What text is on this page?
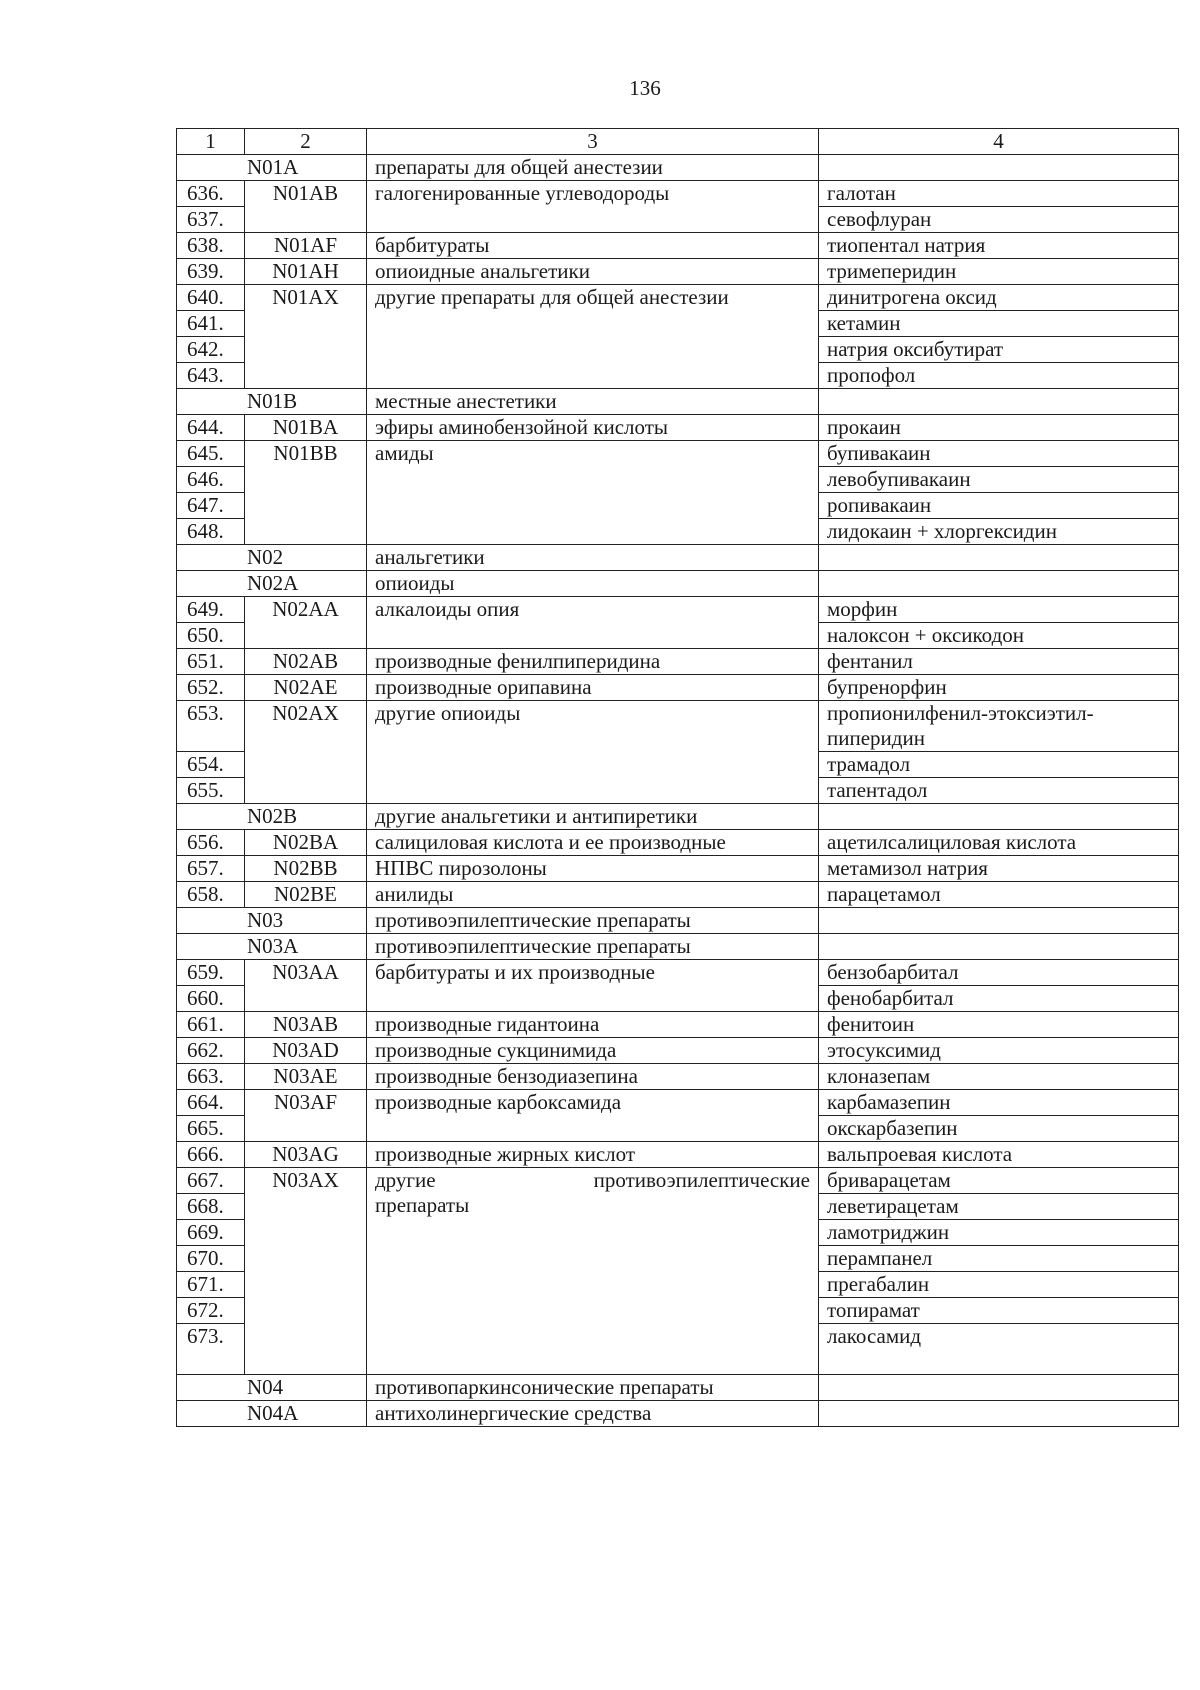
136
1	2	3	4
N01A		препараты для общей анестезии	
636.	N01AB	галогенированные углеводороды	галотан
637.			севофлуран
638.	N01AF	барбитураты	тиопентал натрия
639.	N01AH	опиоидные анальгетики	тримеперидин
640.	N01AX	другие препараты для общей анестезии	динитрогена оксид
641.			кетамин
642.			натрия оксибутират
643.			пропофол
N01B		местные анестетики	
644.	N01BA	эфиры аминобензойной кислоты	прокаин
645.	N01BB	амиды	бупивакаин
646.			левобупивакаин
647.			ропивакаин
648.			лидокаин + хлоргексидин
N02		анальгетики	
N02A		опиоиды	
649.	N02AA	алкалоиды опия	морфин
650.			налоксон + оксикодон
651.	N02AB	производные фенилпиперидина	фентанил
652.	N02AE	производные орипавина	бупренорфин
653.	N02AX	другие опиоиды	пропионилфенил-этоксиэтил-
пиперидин

654.			трамадол
655.			тапентадол
N02B		другие анальгетики и антипиретики	
656.	N02BA	салициловая кислота и ее производные	ацетилсалициловая кислота
657.	N02BB	НПВС пирозолоны	метамизол натрия
658.	N02BE	анилиды	парацетамол
N03		противоэпилептические препараты	
N03A		противоэпилептические препараты	
659.	N03AA	барбитураты и их производные	бензобарбитал
660.			фенобарбитал
661.	N03AB	производные гидантоина	фенитоин
662.	N03AD	производные сукцинимида	этосуксимид
663.	N03AE	производные бензодиазепина	клоназепам
664.	N03AF	производные карбоксамида	карбамазепин
665.			окскарбазепин
666.	N03AG	производные жирных кислот	вальпроевая кислота
667.	N03AX	другие противоэпилептические
препараты	бриварацетам
668.			леветирацетам
669.			ламотриджин
670.			перампанел
671.			прегабалин
672.			топирамат
673.			лакосамид

N04		противопаркинсонические препараты	
N04A		антихолинергические средства	
